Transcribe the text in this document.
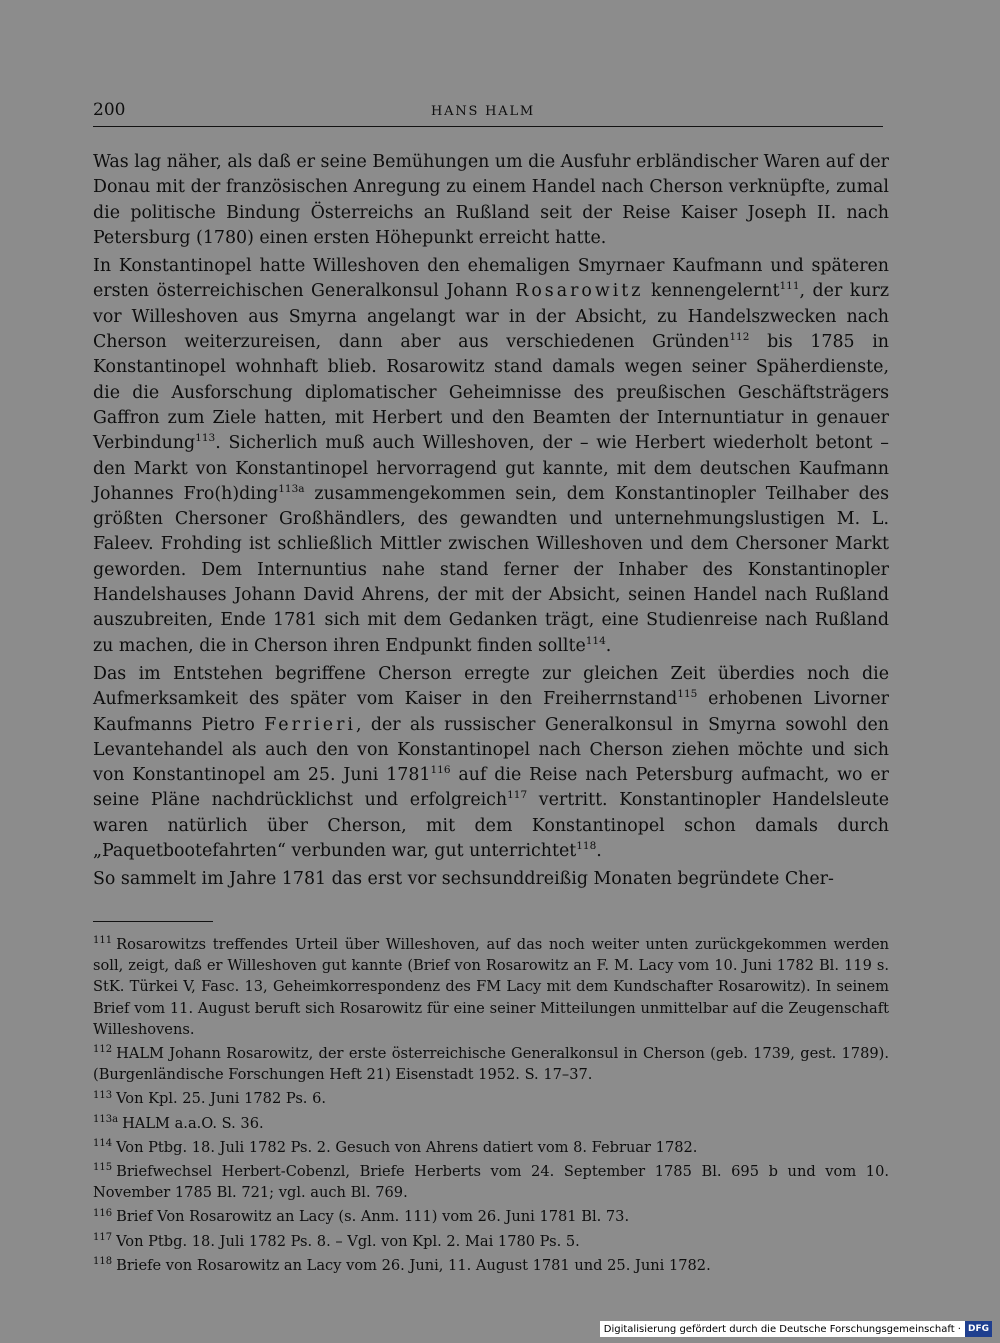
200	HANS HALM

Was lag näher, als daß er seine Bemühungen um die Ausfuhr erbländischer Waren auf der Donau mit der französischen Anregung zu einem Handel nach Cherson verknüpfte, zumal die politische Bindung Österreichs an Rußland seit der Reise Kaiser Joseph II. nach Petersburg (1780) einen ersten Höhepunkt erreicht hatte.

In Konstantinopel hatte Willeshoven den ehemaligen Smyrnaer Kaufmann und späteren ersten österreichischen Generalkonsul Johann Rosarowitz kennengelernt$^{111}$, der kurz vor Willeshoven aus Smyrna angelangt war in der Absicht, zu Handelszwecken nach Cherson weiterzureisen, dann aber aus verschiedenen Gründen$^{112}$ bis 1785 in Konstantinopel wohnhaft blieb. Rosarowitz stand damals wegen seiner Späherdienste, die die Ausforschung diplomatischer Geheimnisse des preußischen Geschäftsträgers Gaffron zum Ziele hatten, mit Herbert und den Beamten der Internuntiatur in genauer Verbindung$^{113}$. Sicherlich muß auch Willeshoven, der – wie Herbert wiederholt betont – den Markt von Konstantinopel hervorragend gut kannte, mit dem deutschen Kaufmann Johannes Fro(h)ding$^{113a}$ zusammengekommen sein, dem Konstantinopler Teilhaber des größten Chersoner Großhändlers, des gewandten und unternehmungslustigen M. L. Faleev. Frohding ist schließlich Mittler zwischen Willeshoven und dem Chersoner Markt geworden. Dem Internuntius nahe stand ferner der Inhaber des Konstantinopler Handelshauses Johann David Ahrens, der mit der Absicht, seinen Handel nach Rußland auszubreiten, Ende 1781 sich mit dem Gedanken trägt, eine Studienreise nach Rußland zu machen, die in Cherson ihren Endpunkt finden sollte$^{114}$.

Das im Entstehen begriffene Cherson erregte zur gleichen Zeit überdies noch die Aufmerksamkeit des später vom Kaiser in den Freiherrnstand$^{115}$ erhobenen Livorner Kaufmanns Pietro Ferrieri, der als russischer Generalkonsul in Smyrna sowohl den Levantehandel als auch den von Konstantinopel nach Cherson ziehen möchte und sich von Konstantinopel am 25. Juni 1781$^{116}$ auf die Reise nach Petersburg aufmacht, wo er seine Pläne nachdrücklichst und erfolgreich$^{117}$ vertritt. Konstantinopler Handelsleute waren natürlich über Cherson, mit dem Konstantinopel schon damals durch „Paquetbootefahrten“ verbunden war, gut unterrichtet$^{118}$.

So sammelt im Jahre 1781 das erst vor sechsunddreißig Monaten begründete Cher-

$^{111}$ Rosarowitzs treffendes Urteil über Willeshoven, auf das noch weiter unten zurückgekommen werden soll, zeigt, daß er Willeshoven gut kannte (Brief von Rosarowitz an F. M. Lacy vom 10. Juni 1782 Bl. 119 s. StK. Türkei V, Fasc. 13, Geheimkorrespondenz des FM Lacy mit dem Kundschafter Rosarowitz). In seinem Brief vom 11. August beruft sich Rosarowitz für eine seiner Mitteilungen unmittelbar auf die Zeugenschaft Willeshovens.

$^{112}$ HALM Johann Rosarowitz, der erste österreichische Generalkonsul in Cherson (geb. 1739, gest. 1789). (Burgenländische Forschungen Heft 21) Eisenstadt 1952. S. 17–37.

$^{113}$ Von Kpl. 25. Juni 1782 Ps. 6.

$^{113a}$ HALM a.a.O. S. 36.

$^{114}$ Von Ptbg. 18. Juli 1782 Ps. 2. Gesuch von Ahrens datiert vom 8. Februar 1782.

$^{115}$ Briefwechsel Herbert-Cobenzl, Briefe Herberts vom 24. September 1785 Bl. 695 b und vom 10. November 1785 Bl. 721; vgl. auch Bl. 769.

$^{116}$ Brief Von Rosarowitz an Lacy (s. Anm. 111) vom 26. Juni 1781 Bl. 73.

$^{117}$ Von Ptbg. 18. Juli 1782 Ps. 8. – Vgl. von Kpl. 2. Mai 1780 Ps. 5.

$^{118}$ Briefe von Rosarowitz an Lacy vom 26. Juni, 11. August 1781 und 25. Juni 1782.

Digitalisierung gefördert durch die Deutsche Forschungsgemeinschaft · DFG
